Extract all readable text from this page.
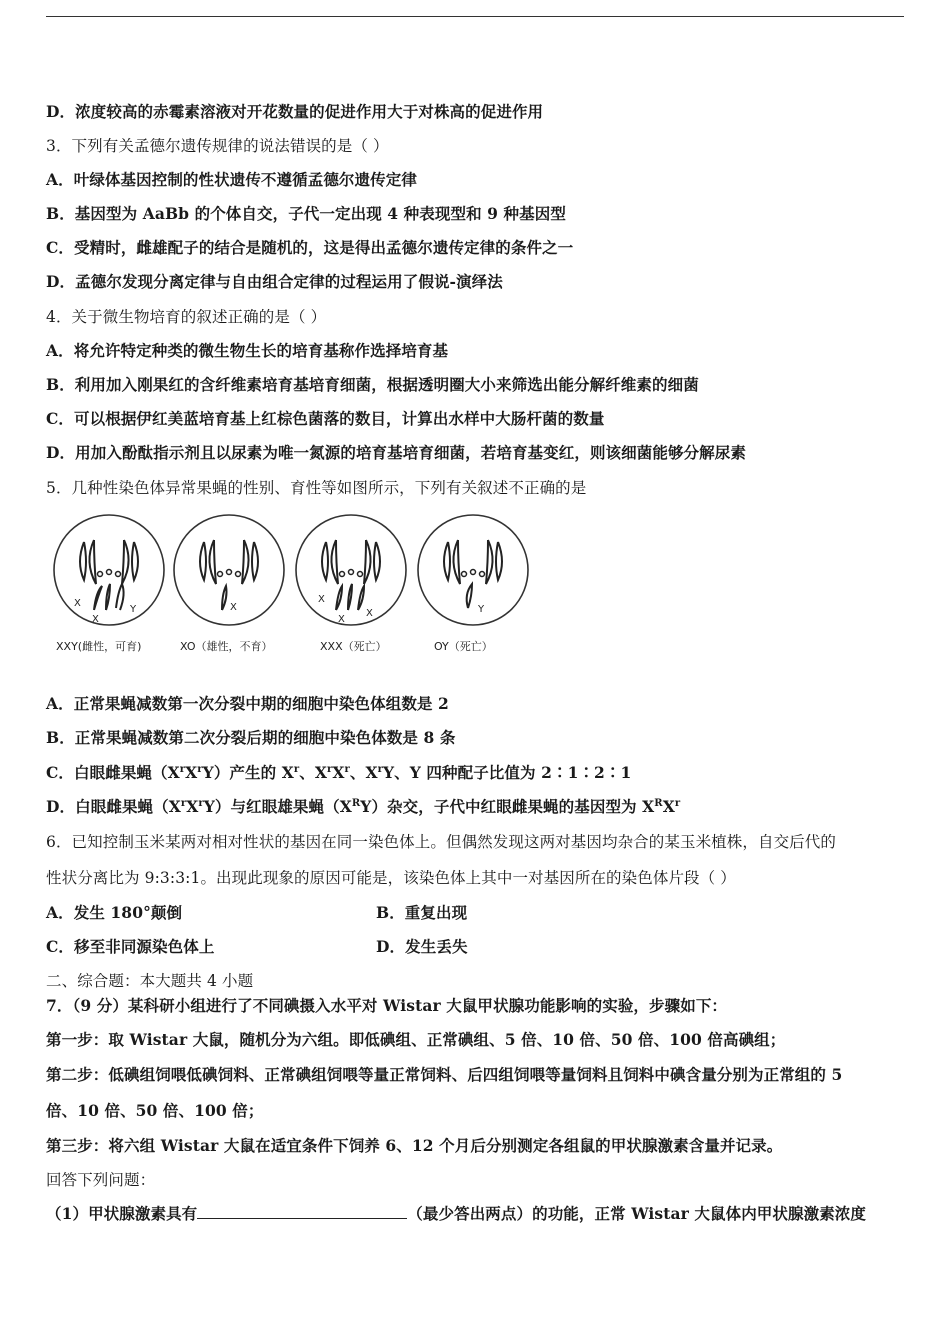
D．浓度较高的赤霉素溶液对开花数量的促进作用大于对株高的促进作用
3．下列有关孟德尔遗传规律的说法错误的是（ ）
A．叶绿体基因控制的性状遗传不遵循孟德尔遗传定律
B．基因型为 AaBb 的个体自交，子代一定出现 4 种表现型和 9 种基因型
C．受精时，雌雄配子的结合是随机的，这是得出孟德尔遗传定律的条件之一
D．孟德尔发现分离定律与自由组合定律的过程运用了假说-演绎法
4．关于微生物培育的叙述正确的是（ ）
A．将允许特定种类的微生物生长的培育基称作选择培育基
B．利用加入刚果红的含纤维素培育基培育细菌，根据透明圈大小来筛选出能分解纤维素的细菌
C．可以根据伊红美蓝培育基上红棕色菌落的数目，计算出水样中大肠杆菌的数量
D．用加入酚酞指示剂且以尿素为唯一氮源的培育基培育细菌，若培育基变红，则该细菌能够分解尿素
5．几种性染色体异常果蝇的性别、育性等如图所示，下列有关叙述不正确的是
X
X
Y	X
X
X
X	Y
XXY(雌性，可育)	XO（雄性，不育）	XXX（死亡）	OY（死亡）
A．正常果蝇减数第一次分裂中期的细胞中染色体组数是 2
B．正常果蝇减数第二次分裂后期的细胞中染色体数是 8 条
C．白眼雌果蝇$(X^rX^rY)$产生的 $X^r$、$X^rX^r$、$X^rY$、Y 四种配子比值为 2∶1∶2∶1
D．白眼雌果蝇$(X^rX^rY)$与红眼雄果蝇$(X^RY)$杂交，子代中红眼雌果蝇的基因型为 $X^RX^r$
6．已知控制玉米某两对相对性状的基因在同一染色体上。但偶然发现这两对基因均杂合的某玉米植株，自交后代的
性状分离比为 9:3:3:1。出现此现象的原因可能是，该染色体上其中一对基因所在的染色体片段（ ）
A．发生 180°颠倒	B．重复出现
C．移至非同源染色体上	D．发生丢失
二、综合题：本大题共 4 小题
7．（9 分）某科研小组进行了不同碘摄入水平对 Wistar 大鼠甲状腺功能影响的实验，步骤如下：
第一步：取 Wistar 大鼠，随机分为六组。即低碘组、正常碘组、5 倍、10 倍、50 倍、100 倍高碘组；
第二步：低碘组饲喂低碘饲料、正常碘组饲喂等量正常饲料、后四组饲喂等量饲料且饲料中碘含量分别为正常组的 5
倍、10 倍、50 倍、100 倍；
第三步：将六组 Wistar 大鼠在适宜条件下饲养 6、12 个月后分别测定各组鼠的甲状腺激素含量并记录。
回答下列问题：
（1）甲状腺激素具有	（最少答出两点）的功能，正常 Wistar 大鼠体内甲状腺激素浓度
